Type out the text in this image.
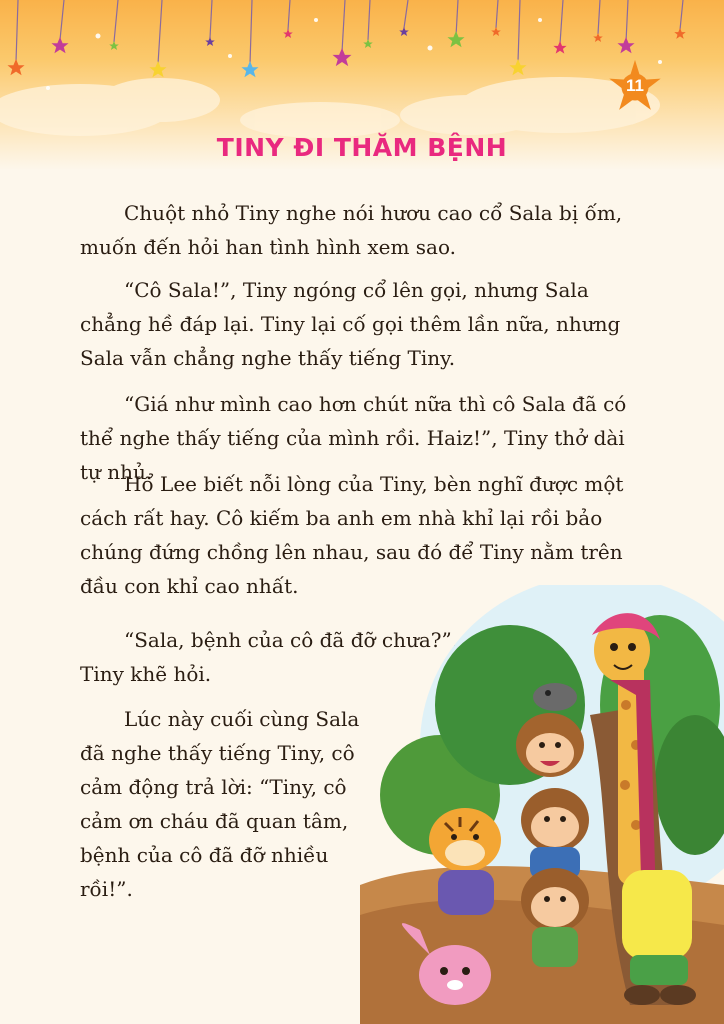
11
TINY ĐI THĂM BỆNH

Chuột nhỏ Tiny nghe nói hươu cao cổ Sala bị ốm, muốn đến hỏi han tình hình xem sao.

“Cô Sala!”, Tiny ngóng cổ lên gọi, nhưng Sala chẳng hề đáp lại. Tiny lại cố gọi thêm lần nữa, nhưng Sala vẫn chẳng nghe thấy tiếng Tiny.

“Giá như mình cao hơn chút nữa thì cô Sala đã có thể nghe thấy tiếng của mình rồi. Haiz!”, Tiny thở dài tự nhủ.

Hổ Lee biết nỗi lòng của Tiny, bèn nghĩ được một cách rất hay. Cô kiếm ba anh em nhà khỉ lại rồi bảo chúng đứng chồng lên nhau, sau đó để Tiny nằm trên đầu con khỉ cao nhất.

“Sala, bệnh của cô đã đỡ chưa?”, Tiny khẽ hỏi.

Lúc này cuối cùng Sala đã nghe thấy tiếng Tiny, cô cảm động trả lời: “Tiny, cô cảm ơn cháu đã quan tâm, bệnh của cô đã đỡ nhiều rồi!”.
